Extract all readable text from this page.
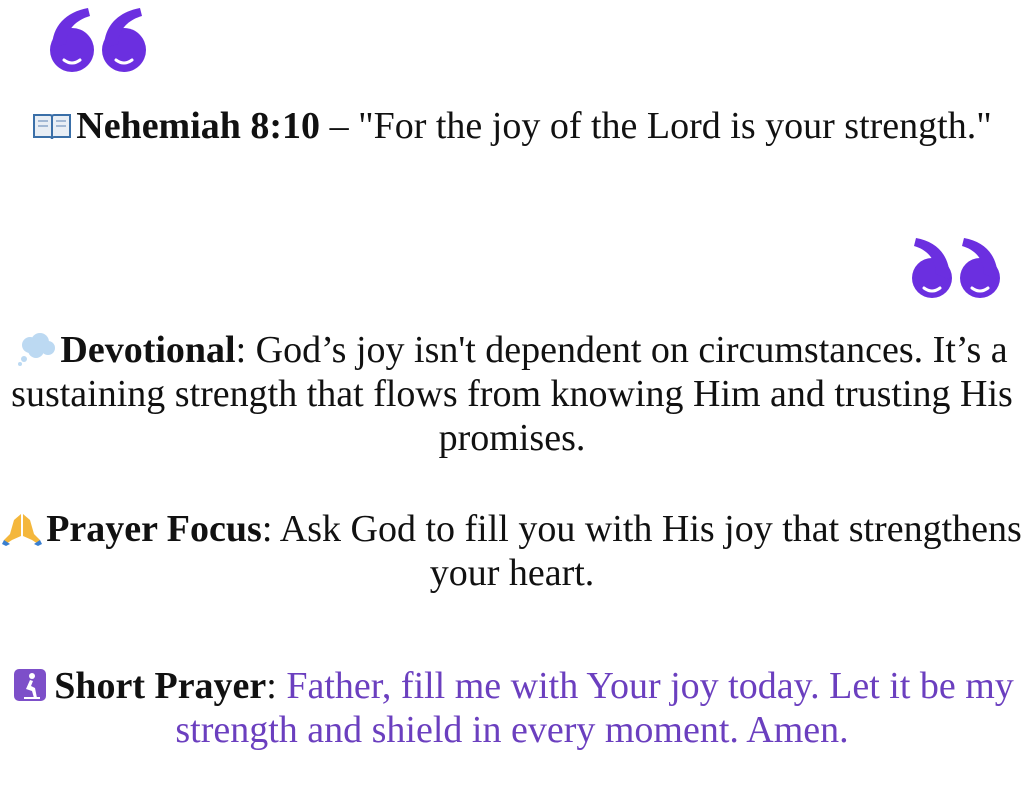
Nehemiah 8:10 – "For the joy of the Lord is your strength."
Devotional: God’s joy isn't dependent on circumstances. It’s a sustaining strength that flows from knowing Him and trusting His promises.
Prayer Focus: Ask God to fill you with His joy that strengthens your heart.
Short Prayer: Father, fill me with Your joy today. Let it be my strength and shield in every moment. Amen.
